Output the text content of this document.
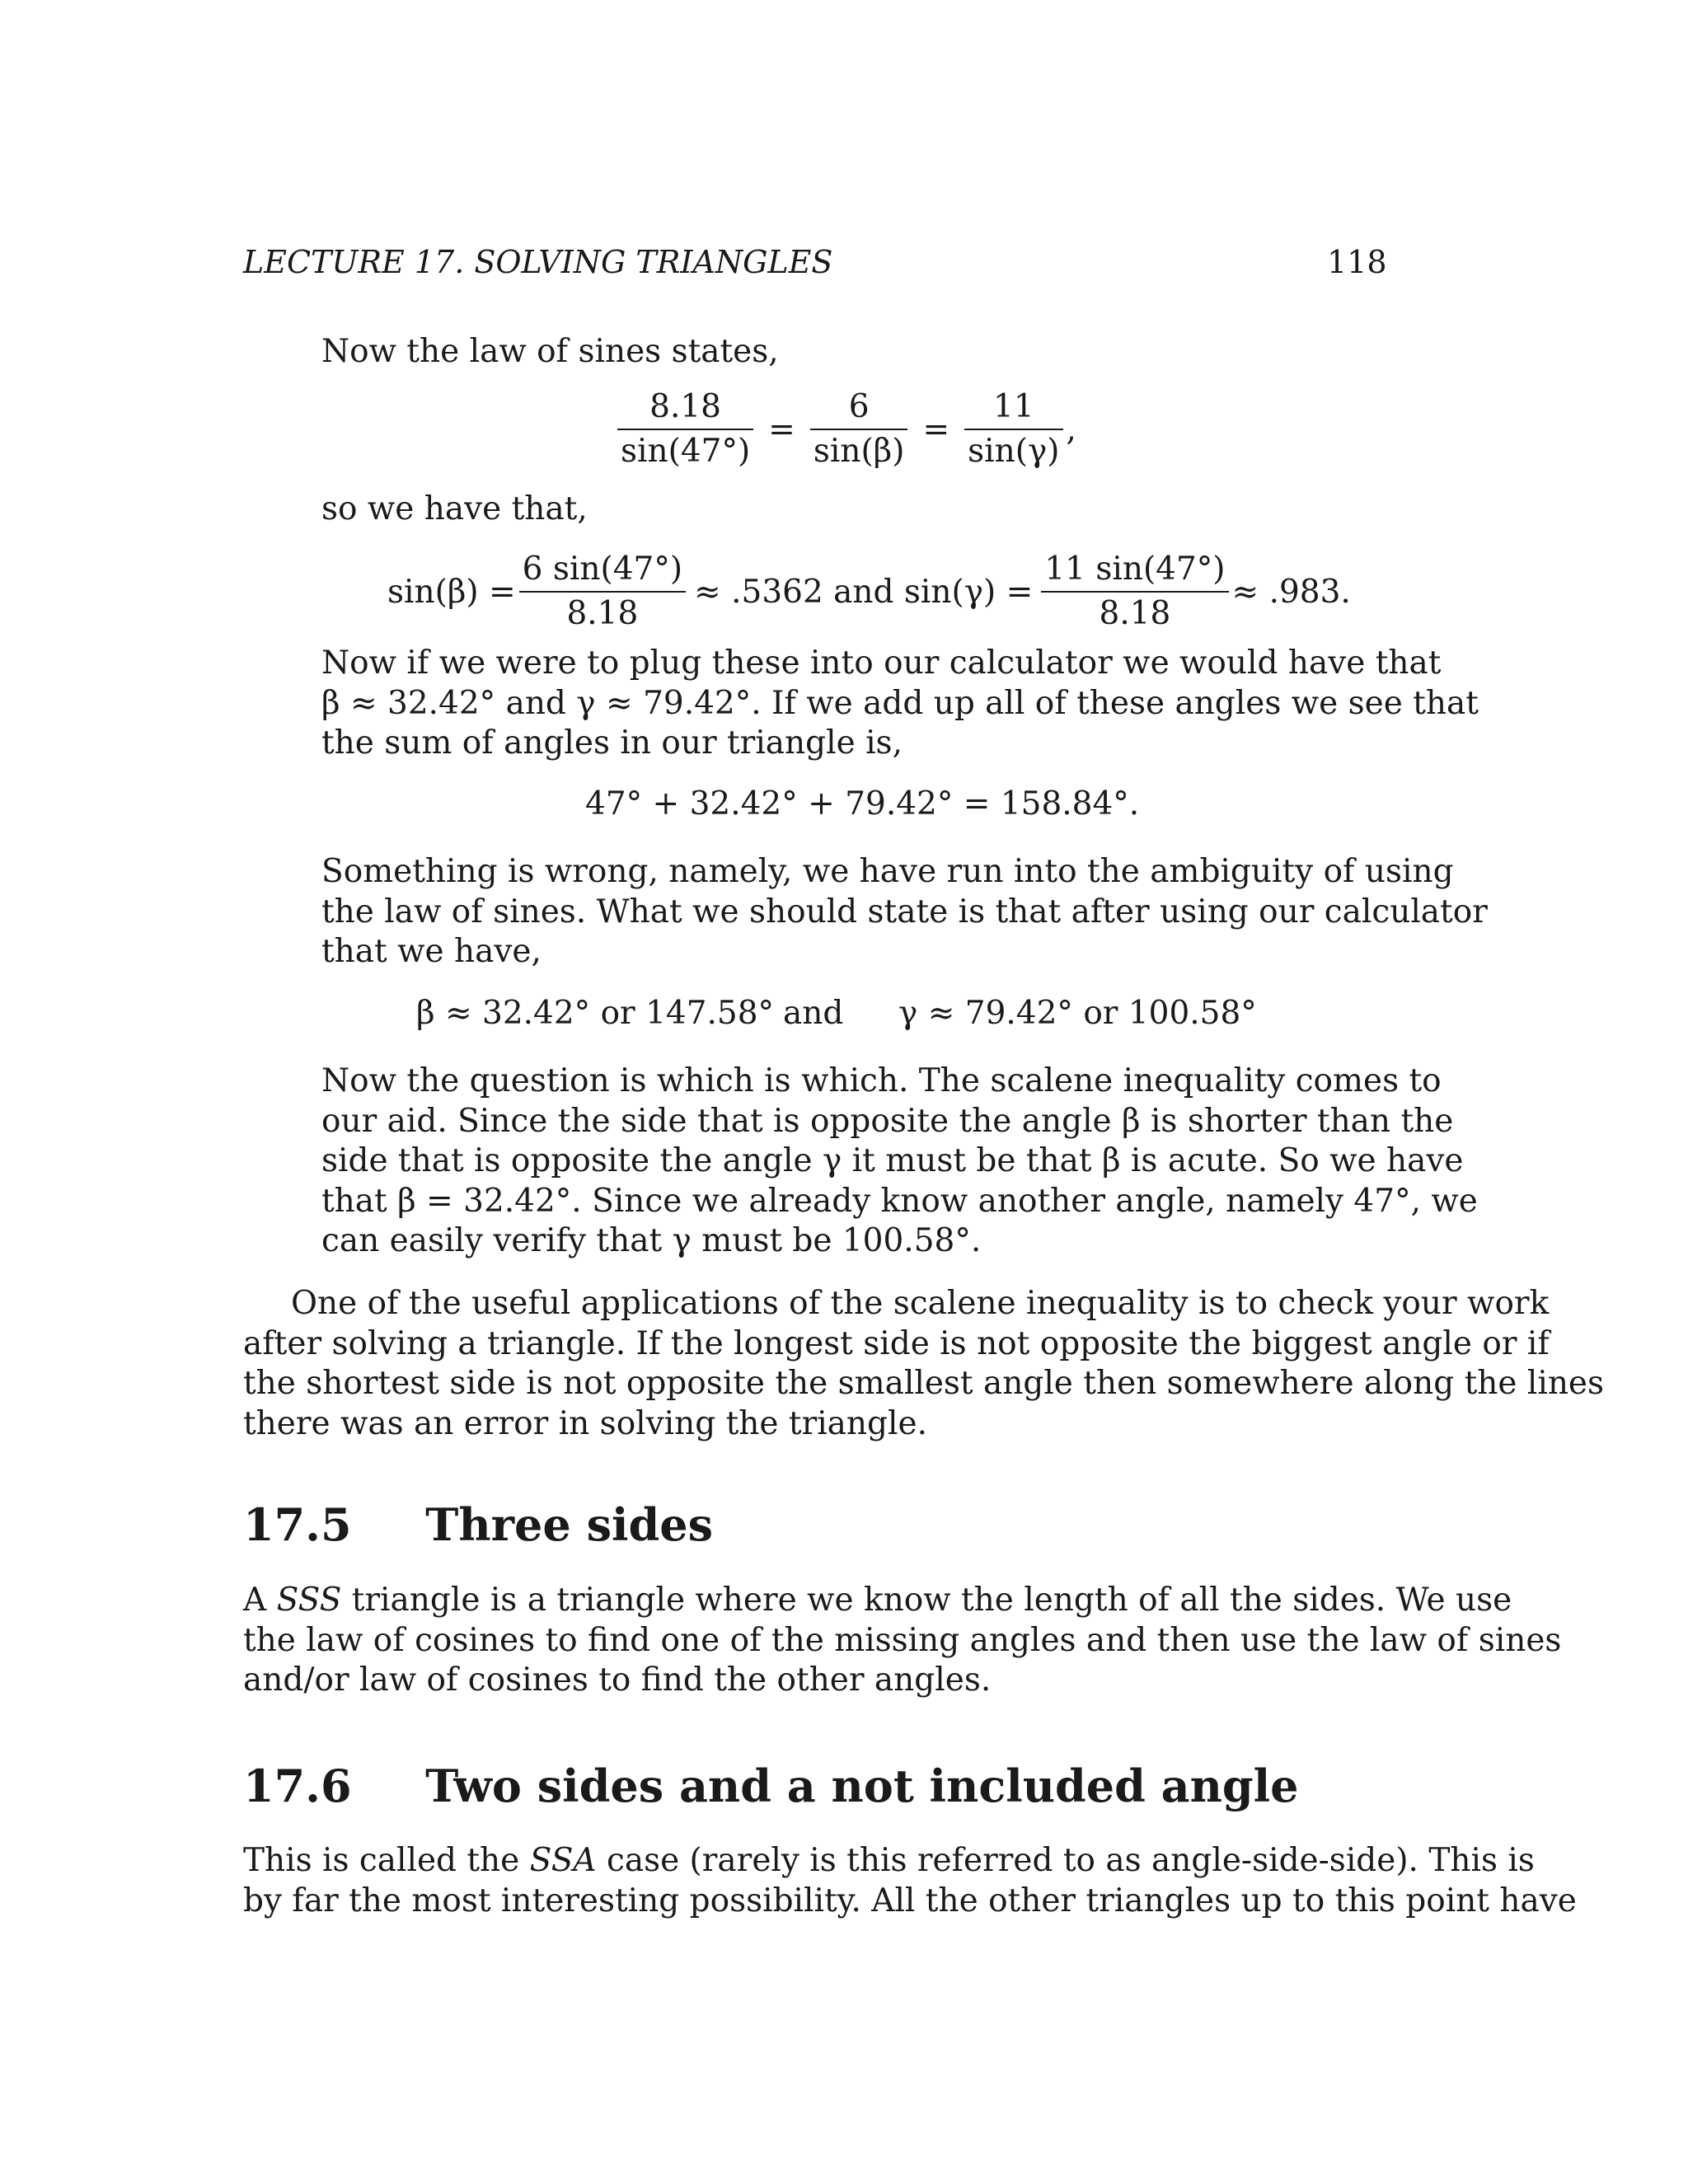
LECTURE 17. SOLVING TRIANGLES	118
Now the law of sines states,
$\frac{8.18}{\sin(47^\circ)} = \frac{6}{\sin(\beta)} = \frac{11}{\sin(\gamma)}$ ,
so we have that,
$\sin(\beta) = \frac{6 \sin(47^\circ)}{8.18} \approx .5362$ and $\sin(\gamma) = \frac{11 \sin(47^\circ)}{8.18} \approx .983$.
Now if we were to plug these into our calculator we would have that
β ≈ 32.42° and γ ≈ 79.42°. If we add up all of these angles we see that
the sum of angles in our triangle is,
47° + 32.42° + 79.42° = 158.84°.
Something is wrong, namely, we have run into the ambiguity of using
the law of sines. What we should state is that after using our calculator
that we have,
β ≈ 32.42° or 147.58° and γ ≈ 79.42° or 100.58°
Now the question is which is which. The scalene inequality comes to
our aid. Since the side that is opposite the angle β is shorter than the
side that is opposite the angle γ it must be that β is acute. So we have
that β = 32.42°. Since we already know another angle, namely 47°, we
can easily verify that γ must be 100.58°.
One of the useful applications of the scalene inequality is to check your work
after solving a triangle. If the longest side is not opposite the biggest angle or if
the shortest side is not opposite the smallest angle then somewhere along the lines
there was an error in solving the triangle.
17.5 Three sides
A SSS triangle is a triangle where we know the length of all the sides. We use
the law of cosines to find one of the missing angles and then use the law of sines
and/or law of cosines to find the other angles.
17.6 Two sides and a not included angle
This is called the SSA case (rarely is this referred to as angle-side-side). This is
by far the most interesting possibility. All the other triangles up to this point have
